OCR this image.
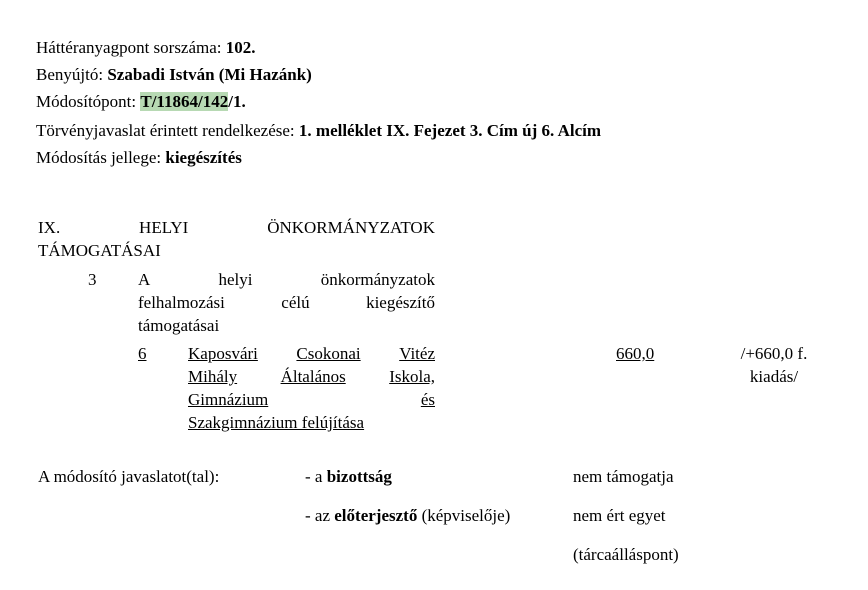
Háttéranyagpont sorszáma: 102.
Benyújtó: Szabadi István (Mi Hazánk)
Módosítópont: T/11864/142/1.
Törvényjavaslat érintett rendelkezése: 1. melléklet IX. Fejezet 3. Cím új 6. Alcím
Módosítás jellege: kiegészítés
IX.	HELYI	ÖNKORMÁNYZATOK
TÁMOGATÁSAI
3 A	helyi	önkormányzatok
felhalmozási	célú	kiegészítő
támogatásai
6 Kaposvári Csokonai Vitéz
Mihály	Általános	Iskola,
Gimnázium	és
Szakgimnázium felújítása
660,0	/+660,0 f.
kiadás/
A módosító javaslatot(tal):	- a bizottság	nem támogatja
- az előterjesztő (képviselője)	nem ért egyet
(tárcaálláspont)
